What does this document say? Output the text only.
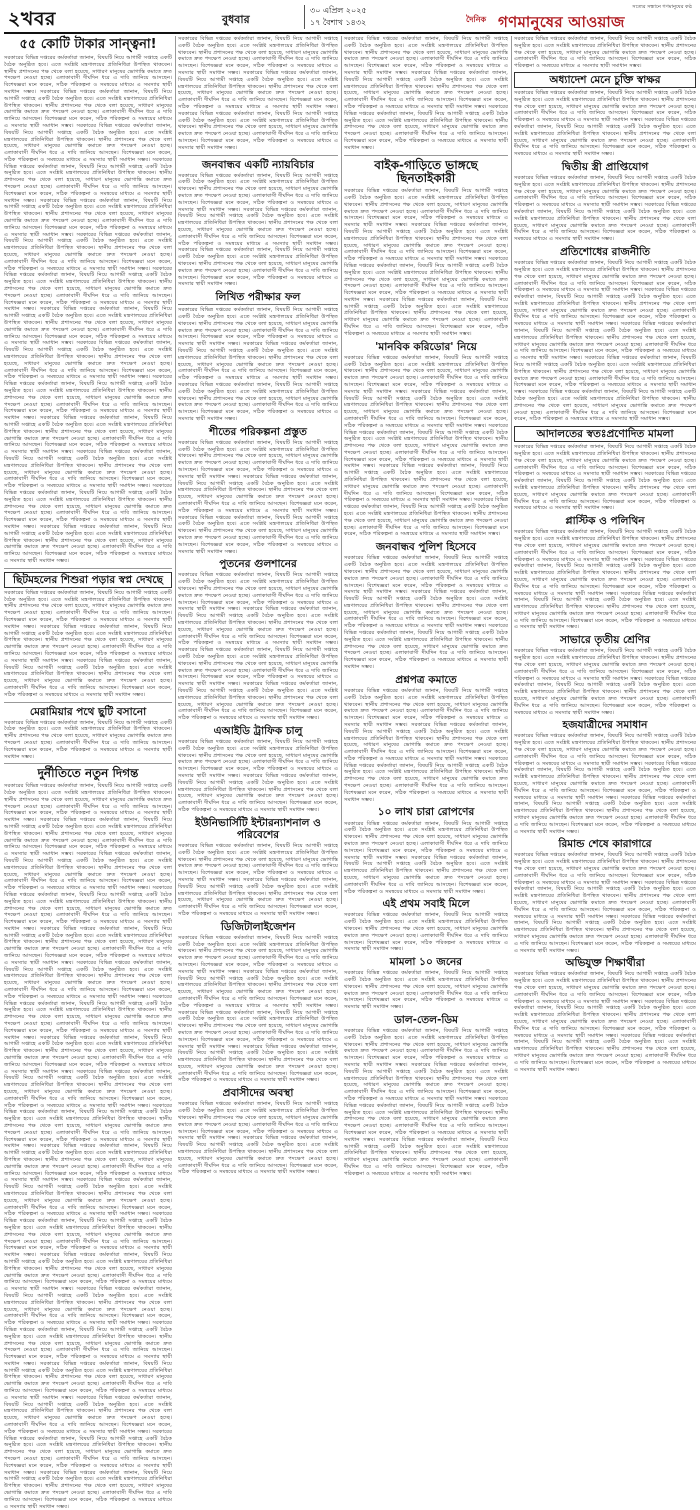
২খবর	বুধবার
৩০ এপ্রিল ২০২৫
১৭ বৈশাখ ১৪৩২	দৈনিক গণমানুষের আওয়াজ
সত্যের সন্ধানে গণমানুষের কণ্ঠ
৫৫ কোটি টাকার সান্ত্বনা!
সরকারের বিভিন্ন দপ্তরের কর্মকর্তারা জানান, বিষয়টি নিয়ে আগামী সপ্তাহে একটি বৈঠক অনুষ্ঠিত হবে। এতে সংশ্লিষ্ট মন্ত্রণালয়ের প্রতিনিধিরা উপস্থিত থাকবেন। স্থানীয় প্রশাসনের পক্ষ থেকে বলা হয়েছে, সাধারণ মানুষের ভোগান্তি কমাতে দ্রুত পদক্ষেপ নেওয়া হচ্ছে। এলাকাবাসী দীর্ঘদিন ধরে এ দাবি জানিয়ে আসছেন। বিশেষজ্ঞরা মনে করেন, সঠিক পরিকল্পনা ও সমন্বয়ের মাধ্যমে এ সমস্যার স্থায়ী সমাধান সম্ভব। সরকারের বিভিন্ন দপ্তরের কর্মকর্তারা জানান, বিষয়টি নিয়ে আগামী সপ্তাহে একটি বৈঠক অনুষ্ঠিত হবে। এতে সংশ্লিষ্ট মন্ত্রণালয়ের প্রতিনিধিরা উপস্থিত থাকবেন। স্থানীয় প্রশাসনের পক্ষ থেকে বলা হয়েছে, সাধারণ মানুষের ভোগান্তি কমাতে দ্রুত পদক্ষেপ নেওয়া হচ্ছে। এলাকাবাসী দীর্ঘদিন ধরে এ দাবি জানিয়ে আসছেন। বিশেষজ্ঞরা মনে করেন, সঠিক পরিকল্পনা ও সমন্বয়ের মাধ্যমে এ সমস্যার স্থায়ী সমাধান সম্ভব। সরকারের বিভিন্ন দপ্তরের কর্মকর্তারা জানান, বিষয়টি নিয়ে আগামী সপ্তাহে একটি বৈঠক অনুষ্ঠিত হবে। এতে সংশ্লিষ্ট মন্ত্রণালয়ের প্রতিনিধিরা উপস্থিত থাকবেন। স্থানীয় প্রশাসনের পক্ষ থেকে বলা হয়েছে, সাধারণ মানুষের ভোগান্তি কমাতে দ্রুত পদক্ষেপ নেওয়া হচ্ছে। এলাকাবাসী দীর্ঘদিন ধরে এ দাবি জানিয়ে আসছেন। বিশেষজ্ঞরা মনে করেন, সঠিক পরিকল্পনা ও সমন্বয়ের মাধ্যমে এ সমস্যার স্থায়ী সমাধান সম্ভব। সরকারের বিভিন্ন দপ্তরের কর্মকর্তারা জানান, বিষয়টি নিয়ে আগামী সপ্তাহে একটি বৈঠক অনুষ্ঠিত হবে। এতে সংশ্লিষ্ট মন্ত্রণালয়ের প্রতিনিধিরা উপস্থিত থাকবেন। স্থানীয় প্রশাসনের পক্ষ থেকে বলা হয়েছে, সাধারণ মানুষের ভোগান্তি কমাতে দ্রুত পদক্ষেপ নেওয়া হচ্ছে। এলাকাবাসী দীর্ঘদিন ধরে এ দাবি জানিয়ে আসছেন। বিশেষজ্ঞরা মনে করেন, সঠিক পরিকল্পনা ও সমন্বয়ের মাধ্যমে এ সমস্যার স্থায়ী সমাধান সম্ভব। সরকারের বিভিন্ন দপ্তরের কর্মকর্তারা জানান, বিষয়টি নিয়ে আগামী সপ্তাহে একটি বৈঠক অনুষ্ঠিত হবে। এতে সংশ্লিষ্ট মন্ত্রণালয়ের প্রতিনিধিরা উপস্থিত থাকবেন। স্থানীয় প্রশাসনের পক্ষ থেকে বলা হয়েছে, সাধারণ মানুষের ভোগান্তি কমাতে দ্রুত পদক্ষেপ নেওয়া হচ্ছে। এলাকাবাসী দীর্ঘদিন ধরে এ দাবি জানিয়ে আসছেন। বিশেষজ্ঞরা মনে করেন, সঠিক পরিকল্পনা ও সমন্বয়ের মাধ্যমে এ সমস্যার স্থায়ী সমাধান সম্ভব। সরকারের বিভিন্ন দপ্তরের কর্মকর্তারা জানান, বিষয়টি নিয়ে আগামী সপ্তাহে একটি বৈঠক অনুষ্ঠিত হবে। এতে সংশ্লিষ্ট মন্ত্রণালয়ের প্রতিনিধিরা উপস্থিত থাকবেন। স্থানীয় প্রশাসনের পক্ষ থেকে বলা হয়েছে, সাধারণ মানুষের ভোগান্তি কমাতে দ্রুত পদক্ষেপ নেওয়া হচ্ছে। এলাকাবাসী দীর্ঘদিন ধরে এ দাবি জানিয়ে আসছেন। বিশেষজ্ঞরা মনে করেন, সঠিক পরিকল্পনা ও সমন্বয়ের মাধ্যমে এ সমস্যার স্থায়ী সমাধান সম্ভব। সরকারের বিভিন্ন দপ্তরের কর্মকর্তারা জানান, বিষয়টি নিয়ে আগামী সপ্তাহে একটি বৈঠক অনুষ্ঠিত হবে। এতে সংশ্লিষ্ট মন্ত্রণালয়ের প্রতিনিধিরা উপস্থিত থাকবেন। স্থানীয় প্রশাসনের পক্ষ থেকে বলা হয়েছে, সাধারণ মানুষের ভোগান্তি কমাতে দ্রুত পদক্ষেপ নেওয়া হচ্ছে। এলাকাবাসী দীর্ঘদিন ধরে এ দাবি জানিয়ে আসছেন। বিশেষজ্ঞরা মনে করেন, সঠিক পরিকল্পনা ও সমন্বয়ের মাধ্যমে এ সমস্যার স্থায়ী সমাধান সম্ভব। সরকারের বিভিন্ন দপ্তরের কর্মকর্তারা জানান, বিষয়টি নিয়ে আগামী সপ্তাহে একটি বৈঠক অনুষ্ঠিত হবে। এতে সংশ্লিষ্ট মন্ত্রণালয়ের প্রতিনিধিরা উপস্থিত থাকবেন। স্থানীয় প্রশাসনের পক্ষ থেকে বলা হয়েছে, সাধারণ মানুষের ভোগান্তি কমাতে দ্রুত পদক্ষেপ নেওয়া হচ্ছে। এলাকাবাসী দীর্ঘদিন ধরে এ দাবি জানিয়ে আসছেন। বিশেষজ্ঞরা মনে করেন, সঠিক পরিকল্পনা ও সমন্বয়ের মাধ্যমে এ সমস্যার স্থায়ী সমাধান সম্ভব। সরকারের বিভিন্ন দপ্তরের কর্মকর্তারা জানান, বিষয়টি নিয়ে আগামী সপ্তাহে একটি বৈঠক অনুষ্ঠিত হবে। এতে সংশ্লিষ্ট মন্ত্রণালয়ের প্রতিনিধিরা উপস্থিত থাকবেন। স্থানীয় প্রশাসনের পক্ষ থেকে বলা হয়েছে, সাধারণ মানুষের ভোগান্তি কমাতে দ্রুত পদক্ষেপ নেওয়া হচ্ছে। এলাকাবাসী দীর্ঘদিন ধরে এ দাবি জানিয়ে আসছেন। বিশেষজ্ঞরা মনে করেন, সঠিক পরিকল্পনা ও সমন্বয়ের মাধ্যমে এ সমস্যার স্থায়ী সমাধান সম্ভব। সরকারের বিভিন্ন দপ্তরের কর্মকর্তারা জানান, বিষয়টি নিয়ে আগামী সপ্তাহে একটি বৈঠক অনুষ্ঠিত হবে। এতে সংশ্লিষ্ট মন্ত্রণালয়ের প্রতিনিধিরা উপস্থিত থাকবেন। স্থানীয় প্রশাসনের পক্ষ থেকে বলা হয়েছে, সাধারণ মানুষের ভোগান্তি কমাতে দ্রুত পদক্ষেপ নেওয়া হচ্ছে। এলাকাবাসী দীর্ঘদিন ধরে এ দাবি জানিয়ে আসছেন। বিশেষজ্ঞরা মনে করেন, সঠিক পরিকল্পনা ও সমন্বয়ের মাধ্যমে এ সমস্যার স্থায়ী সমাধান সম্ভব। সরকারের বিভিন্ন দপ্তরের কর্মকর্তারা জানান, বিষয়টি নিয়ে আগামী সপ্তাহে একটি বৈঠক অনুষ্ঠিত হবে। এতে সংশ্লিষ্ট মন্ত্রণালয়ের প্রতিনিধিরা উপস্থিত থাকবেন। স্থানীয় প্রশাসনের পক্ষ থেকে বলা হয়েছে, সাধারণ মানুষের ভোগান্তি কমাতে দ্রুত পদক্ষেপ নেওয়া হচ্ছে। এলাকাবাসী দীর্ঘদিন ধরে এ দাবি জানিয়ে আসছেন। বিশেষজ্ঞরা মনে করেন, সঠিক পরিকল্পনা ও সমন্বয়ের মাধ্যমে এ সমস্যার স্থায়ী সমাধান সম্ভব। সরকারের বিভিন্ন দপ্তরের কর্মকর্তারা জানান, বিষয়টি নিয়ে আগামী সপ্তাহে একটি বৈঠক অনুষ্ঠিত হবে। এতে সংশ্লিষ্ট মন্ত্রণালয়ের প্রতিনিধিরা উপস্থিত থাকবেন। স্থানীয় প্রশাসনের পক্ষ থেকে বলা হয়েছে, সাধারণ মানুষের ভোগান্তি কমাতে দ্রুত পদক্ষেপ নেওয়া হচ্ছে। এলাকাবাসী দীর্ঘদিন ধরে এ দাবি জানিয়ে আসছেন। বিশেষজ্ঞরা মনে করেন, সঠিক পরিকল্পনা ও সমন্বয়ের মাধ্যমে এ সমস্যার স্থায়ী সমাধান সম্ভব। সরকারের বিভিন্ন দপ্তরের কর্মকর্তারা জানান, বিষয়টি নিয়ে আগামী সপ্তাহে একটি বৈঠক অনুষ্ঠিত হবে। এতে সংশ্লিষ্ট মন্ত্রণালয়ের প্রতিনিধিরা উপস্থিত থাকবেন। স্থানীয় প্রশাসনের পক্ষ থেকে বলা হয়েছে, সাধারণ মানুষের ভোগান্তি কমাতে দ্রুত পদক্ষেপ নেওয়া হচ্ছে। এলাকাবাসী দীর্ঘদিন ধরে এ দাবি জানিয়ে আসছেন। বিশেষজ্ঞরা মনে করেন, সঠিক পরিকল্পনা ও সমন্বয়ের মাধ্যমে এ সমস্যার স্থায়ী সমাধান সম্ভব। সরকারের বিভিন্ন দপ্তরের কর্মকর্তারা জানান, বিষয়টি নিয়ে আগামী সপ্তাহে একটি বৈঠক অনুষ্ঠিত হবে। এতে সংশ্লিষ্ট মন্ত্রণালয়ের প্রতিনিধিরা উপস্থিত থাকবেন। স্থানীয় প্রশাসনের পক্ষ থেকে বলা হয়েছে, সাধারণ মানুষের ভোগান্তি কমাতে দ্রুত পদক্ষেপ নেওয়া হচ্ছে। এলাকাবাসী দীর্ঘদিন ধরে এ দাবি জানিয়ে আসছেন। বিশেষজ্ঞরা মনে করেন, সঠিক পরিকল্পনা ও সমন্বয়ের মাধ্যমে এ সমস্যার স্থায়ী সমাধান সম্ভব।
ছিটমহলের শিশুরা পড়ার স্বপ্ন দেখছে
সরকারের বিভিন্ন দপ্তরের কর্মকর্তারা জানান, বিষয়টি নিয়ে আগামী সপ্তাহে একটি বৈঠক অনুষ্ঠিত হবে। এতে সংশ্লিষ্ট মন্ত্রণালয়ের প্রতিনিধিরা উপস্থিত থাকবেন। স্থানীয় প্রশাসনের পক্ষ থেকে বলা হয়েছে, সাধারণ মানুষের ভোগান্তি কমাতে দ্রুত পদক্ষেপ নেওয়া হচ্ছে। এলাকাবাসী দীর্ঘদিন ধরে এ দাবি জানিয়ে আসছেন। বিশেষজ্ঞরা মনে করেন, সঠিক পরিকল্পনা ও সমন্বয়ের মাধ্যমে এ সমস্যার স্থায়ী সমাধান সম্ভব। সরকারের বিভিন্ন দপ্তরের কর্মকর্তারা জানান, বিষয়টি নিয়ে আগামী সপ্তাহে একটি বৈঠক অনুষ্ঠিত হবে। এতে সংশ্লিষ্ট মন্ত্রণালয়ের প্রতিনিধিরা উপস্থিত থাকবেন। স্থানীয় প্রশাসনের পক্ষ থেকে বলা হয়েছে, সাধারণ মানুষের ভোগান্তি কমাতে দ্রুত পদক্ষেপ নেওয়া হচ্ছে। এলাকাবাসী দীর্ঘদিন ধরে এ দাবি জানিয়ে আসছেন। বিশেষজ্ঞরা মনে করেন, সঠিক পরিকল্পনা ও সমন্বয়ের মাধ্যমে এ সমস্যার স্থায়ী সমাধান সম্ভব। সরকারের বিভিন্ন দপ্তরের কর্মকর্তারা জানান, বিষয়টি নিয়ে আগামী সপ্তাহে একটি বৈঠক অনুষ্ঠিত হবে। এতে সংশ্লিষ্ট মন্ত্রণালয়ের প্রতিনিধিরা উপস্থিত থাকবেন। স্থানীয় প্রশাসনের পক্ষ থেকে বলা হয়েছে, সাধারণ মানুষের ভোগান্তি কমাতে দ্রুত পদক্ষেপ নেওয়া হচ্ছে। এলাকাবাসী দীর্ঘদিন ধরে এ দাবি জানিয়ে আসছেন। বিশেষজ্ঞরা মনে করেন, সঠিক পরিকল্পনা ও সমন্বয়ের মাধ্যমে এ সমস্যার স্থায়ী সমাধান সম্ভব।
মেরামিয়ার পথে ছুটি বসানো
সরকারের বিভিন্ন দপ্তরের কর্মকর্তারা জানান, বিষয়টি নিয়ে আগামী সপ্তাহে একটি বৈঠক অনুষ্ঠিত হবে। এতে সংশ্লিষ্ট মন্ত্রণালয়ের প্রতিনিধিরা উপস্থিত থাকবেন। স্থানীয় প্রশাসনের পক্ষ থেকে বলা হয়েছে, সাধারণ মানুষের ভোগান্তি কমাতে দ্রুত পদক্ষেপ নেওয়া হচ্ছে। এলাকাবাসী দীর্ঘদিন ধরে এ দাবি জানিয়ে আসছেন। বিশেষজ্ঞরা মনে করেন, সঠিক পরিকল্পনা ও সমন্বয়ের মাধ্যমে এ সমস্যার স্থায়ী সমাধান সম্ভব।
দুর্নীতিতে নতুন দিগন্ত
সরকারের বিভিন্ন দপ্তরের কর্মকর্তারা জানান, বিষয়টি নিয়ে আগামী সপ্তাহে একটি বৈঠক অনুষ্ঠিত হবে। এতে সংশ্লিষ্ট মন্ত্রণালয়ের প্রতিনিধিরা উপস্থিত থাকবেন। স্থানীয় প্রশাসনের পক্ষ থেকে বলা হয়েছে, সাধারণ মানুষের ভোগান্তি কমাতে দ্রুত পদক্ষেপ নেওয়া হচ্ছে। এলাকাবাসী দীর্ঘদিন ধরে এ দাবি জানিয়ে আসছেন। বিশেষজ্ঞরা মনে করেন, সঠিক পরিকল্পনা ও সমন্বয়ের মাধ্যমে এ সমস্যার স্থায়ী সমাধান সম্ভব। সরকারের বিভিন্ন দপ্তরের কর্মকর্তারা জানান, বিষয়টি নিয়ে আগামী সপ্তাহে একটি বৈঠক অনুষ্ঠিত হবে। এতে সংশ্লিষ্ট মন্ত্রণালয়ের প্রতিনিধিরা উপস্থিত থাকবেন। স্থানীয় প্রশাসনের পক্ষ থেকে বলা হয়েছে, সাধারণ মানুষের ভোগান্তি কমাতে দ্রুত পদক্ষেপ নেওয়া হচ্ছে। এলাকাবাসী দীর্ঘদিন ধরে এ দাবি জানিয়ে আসছেন। বিশেষজ্ঞরা মনে করেন, সঠিক পরিকল্পনা ও সমন্বয়ের মাধ্যমে এ সমস্যার স্থায়ী সমাধান সম্ভব। সরকারের বিভিন্ন দপ্তরের কর্মকর্তারা জানান, বিষয়টি নিয়ে আগামী সপ্তাহে একটি বৈঠক অনুষ্ঠিত হবে। এতে সংশ্লিষ্ট মন্ত্রণালয়ের প্রতিনিধিরা উপস্থিত থাকবেন। স্থানীয় প্রশাসনের পক্ষ থেকে বলা হয়েছে, সাধারণ মানুষের ভোগান্তি কমাতে দ্রুত পদক্ষেপ নেওয়া হচ্ছে। এলাকাবাসী দীর্ঘদিন ধরে এ দাবি জানিয়ে আসছেন। বিশেষজ্ঞরা মনে করেন, সঠিক পরিকল্পনা ও সমন্বয়ের মাধ্যমে এ সমস্যার স্থায়ী সমাধান সম্ভব। সরকারের বিভিন্ন দপ্তরের কর্মকর্তারা জানান, বিষয়টি নিয়ে আগামী সপ্তাহে একটি বৈঠক অনুষ্ঠিত হবে। এতে সংশ্লিষ্ট মন্ত্রণালয়ের প্রতিনিধিরা উপস্থিত থাকবেন। স্থানীয় প্রশাসনের পক্ষ থেকে বলা হয়েছে, সাধারণ মানুষের ভোগান্তি কমাতে দ্রুত পদক্ষেপ নেওয়া হচ্ছে। এলাকাবাসী দীর্ঘদিন ধরে এ দাবি জানিয়ে আসছেন। বিশেষজ্ঞরা মনে করেন, সঠিক পরিকল্পনা ও সমন্বয়ের মাধ্যমে এ সমস্যার স্থায়ী সমাধান সম্ভব। সরকারের বিভিন্ন দপ্তরের কর্মকর্তারা জানান, বিষয়টি নিয়ে আগামী সপ্তাহে একটি বৈঠক অনুষ্ঠিত হবে। এতে সংশ্লিষ্ট মন্ত্রণালয়ের প্রতিনিধিরা উপস্থিত থাকবেন। স্থানীয় প্রশাসনের পক্ষ থেকে বলা হয়েছে, সাধারণ মানুষের ভোগান্তি কমাতে দ্রুত পদক্ষেপ নেওয়া হচ্ছে। এলাকাবাসী দীর্ঘদিন ধরে এ দাবি জানিয়ে আসছেন। বিশেষজ্ঞরা মনে করেন, সঠিক পরিকল্পনা ও সমন্বয়ের মাধ্যমে এ সমস্যার স্থায়ী সমাধান সম্ভব। সরকারের বিভিন্ন দপ্তরের কর্মকর্তারা জানান, বিষয়টি নিয়ে আগামী সপ্তাহে একটি বৈঠক অনুষ্ঠিত হবে। এতে সংশ্লিষ্ট মন্ত্রণালয়ের প্রতিনিধিরা উপস্থিত থাকবেন। স্থানীয় প্রশাসনের পক্ষ থেকে বলা হয়েছে, সাধারণ মানুষের ভোগান্তি কমাতে দ্রুত পদক্ষেপ নেওয়া হচ্ছে। এলাকাবাসী দীর্ঘদিন ধরে এ দাবি জানিয়ে আসছেন। বিশেষজ্ঞরা মনে করেন, সঠিক পরিকল্পনা ও সমন্বয়ের মাধ্যমে এ সমস্যার স্থায়ী সমাধান সম্ভব। সরকারের বিভিন্ন দপ্তরের কর্মকর্তারা জানান, বিষয়টি নিয়ে আগামী সপ্তাহে একটি বৈঠক অনুষ্ঠিত হবে। এতে সংশ্লিষ্ট মন্ত্রণালয়ের প্রতিনিধিরা উপস্থিত থাকবেন। স্থানীয় প্রশাসনের পক্ষ থেকে বলা হয়েছে, সাধারণ মানুষের ভোগান্তি কমাতে দ্রুত পদক্ষেপ নেওয়া হচ্ছে। এলাকাবাসী দীর্ঘদিন ধরে এ দাবি জানিয়ে আসছেন। বিশেষজ্ঞরা মনে করেন, সঠিক পরিকল্পনা ও সমন্বয়ের মাধ্যমে এ সমস্যার স্থায়ী সমাধান সম্ভব। সরকারের বিভিন্ন দপ্তরের কর্মকর্তারা জানান, বিষয়টি নিয়ে আগামী সপ্তাহে একটি বৈঠক অনুষ্ঠিত হবে। এতে সংশ্লিষ্ট মন্ত্রণালয়ের প্রতিনিধিরা উপস্থিত থাকবেন। স্থানীয় প্রশাসনের পক্ষ থেকে বলা হয়েছে, সাধারণ মানুষের ভোগান্তি কমাতে দ্রুত পদক্ষেপ নেওয়া হচ্ছে। এলাকাবাসী দীর্ঘদিন ধরে এ দাবি জানিয়ে আসছেন। বিশেষজ্ঞরা মনে করেন, সঠিক পরিকল্পনা ও সমন্বয়ের মাধ্যমে এ সমস্যার স্থায়ী সমাধান সম্ভব। সরকারের বিভিন্ন দপ্তরের কর্মকর্তারা জানান, বিষয়টি নিয়ে আগামী সপ্তাহে একটি বৈঠক অনুষ্ঠিত হবে। এতে সংশ্লিষ্ট মন্ত্রণালয়ের প্রতিনিধিরা উপস্থিত থাকবেন। স্থানীয় প্রশাসনের পক্ষ থেকে বলা হয়েছে, সাধারণ মানুষের ভোগান্তি কমাতে দ্রুত পদক্ষেপ নেওয়া হচ্ছে। এলাকাবাসী দীর্ঘদিন ধরে এ দাবি জানিয়ে আসছেন। বিশেষজ্ঞরা মনে করেন, সঠিক পরিকল্পনা ও সমন্বয়ের মাধ্যমে এ সমস্যার স্থায়ী সমাধান সম্ভব। সরকারের বিভিন্ন দপ্তরের কর্মকর্তারা জানান, বিষয়টি নিয়ে আগামী সপ্তাহে একটি বৈঠক অনুষ্ঠিত হবে। এতে সংশ্লিষ্ট মন্ত্রণালয়ের প্রতিনিধিরা উপস্থিত থাকবেন। স্থানীয় প্রশাসনের পক্ষ থেকে বলা হয়েছে, সাধারণ মানুষের ভোগান্তি কমাতে দ্রুত পদক্ষেপ নেওয়া হচ্ছে। এলাকাবাসী দীর্ঘদিন ধরে এ দাবি জানিয়ে আসছেন। বিশেষজ্ঞরা মনে করেন, সঠিক পরিকল্পনা ও সমন্বয়ের মাধ্যমে এ সমস্যার স্থায়ী সমাধান সম্ভব। সরকারের বিভিন্ন দপ্তরের কর্মকর্তারা জানান, বিষয়টি নিয়ে আগামী সপ্তাহে একটি বৈঠক অনুষ্ঠিত হবে। এতে সংশ্লিষ্ট মন্ত্রণালয়ের প্রতিনিধিরা উপস্থিত থাকবেন। স্থানীয় প্রশাসনের পক্ষ থেকে বলা হয়েছে, সাধারণ মানুষের ভোগান্তি কমাতে দ্রুত পদক্ষেপ নেওয়া হচ্ছে। এলাকাবাসী দীর্ঘদিন ধরে এ দাবি জানিয়ে আসছেন। বিশেষজ্ঞরা মনে করেন, সঠিক পরিকল্পনা ও সমন্বয়ের মাধ্যমে এ সমস্যার স্থায়ী সমাধান সম্ভব। সরকারের বিভিন্ন দপ্তরের কর্মকর্তারা জানান, বিষয়টি নিয়ে আগামী সপ্তাহে একটি বৈঠক অনুষ্ঠিত হবে। এতে সংশ্লিষ্ট মন্ত্রণালয়ের প্রতিনিধিরা উপস্থিত থাকবেন। স্থানীয় প্রশাসনের পক্ষ থেকে বলা হয়েছে, সাধারণ মানুষের ভোগান্তি কমাতে দ্রুত পদক্ষেপ নেওয়া হচ্ছে। এলাকাবাসী দীর্ঘদিন ধরে এ দাবি জানিয়ে আসছেন। বিশেষজ্ঞরা মনে করেন, সঠিক পরিকল্পনা ও সমন্বয়ের মাধ্যমে এ সমস্যার স্থায়ী সমাধান সম্ভব। সরকারের বিভিন্ন দপ্তরের কর্মকর্তারা জানান, বিষয়টি নিয়ে আগামী সপ্তাহে একটি বৈঠক অনুষ্ঠিত হবে। এতে সংশ্লিষ্ট মন্ত্রণালয়ের প্রতিনিধিরা উপস্থিত থাকবেন। স্থানীয় প্রশাসনের পক্ষ থেকে বলা হয়েছে, সাধারণ মানুষের ভোগান্তি কমাতে দ্রুত পদক্ষেপ নেওয়া হচ্ছে। এলাকাবাসী দীর্ঘদিন ধরে এ দাবি জানিয়ে আসছেন। বিশেষজ্ঞরা মনে করেন, সঠিক পরিকল্পনা ও সমন্বয়ের মাধ্যমে এ সমস্যার স্থায়ী সমাধান সম্ভব। সরকারের বিভিন্ন দপ্তরের কর্মকর্তারা জানান, বিষয়টি নিয়ে আগামী সপ্তাহে একটি বৈঠক অনুষ্ঠিত হবে। এতে সংশ্লিষ্ট মন্ত্রণালয়ের প্রতিনিধিরা উপস্থিত থাকবেন। স্থানীয় প্রশাসনের পক্ষ থেকে বলা হয়েছে, সাধারণ মানুষের ভোগান্তি কমাতে দ্রুত পদক্ষেপ নেওয়া হচ্ছে। এলাকাবাসী দীর্ঘদিন ধরে এ দাবি জানিয়ে আসছেন। বিশেষজ্ঞরা মনে করেন, সঠিক পরিকল্পনা ও সমন্বয়ের মাধ্যমে এ সমস্যার স্থায়ী সমাধান সম্ভব। সরকারের বিভিন্ন দপ্তরের কর্মকর্তারা জানান, বিষয়টি নিয়ে আগামী সপ্তাহে একটি বৈঠক অনুষ্ঠিত হবে। এতে সংশ্লিষ্ট মন্ত্রণালয়ের প্রতিনিধিরা উপস্থিত থাকবেন। স্থানীয় প্রশাসনের পক্ষ থেকে বলা হয়েছে, সাধারণ মানুষের ভোগান্তি কমাতে দ্রুত পদক্ষেপ নেওয়া হচ্ছে। এলাকাবাসী দীর্ঘদিন ধরে এ দাবি জানিয়ে আসছেন। বিশেষজ্ঞরা মনে করেন, সঠিক পরিকল্পনা ও সমন্বয়ের মাধ্যমে এ সমস্যার স্থায়ী সমাধান সম্ভব। সরকারের বিভিন্ন দপ্তরের কর্মকর্তারা জানান, বিষয়টি নিয়ে আগামী সপ্তাহে একটি বৈঠক অনুষ্ঠিত হবে। এতে সংশ্লিষ্ট মন্ত্রণালয়ের প্রতিনিধিরা উপস্থিত থাকবেন। স্থানীয় প্রশাসনের পক্ষ থেকে বলা হয়েছে, সাধারণ মানুষের ভোগান্তি কমাতে দ্রুত পদক্ষেপ নেওয়া হচ্ছে। এলাকাবাসী দীর্ঘদিন ধরে এ দাবি জানিয়ে আসছেন। বিশেষজ্ঞরা মনে করেন, সঠিক পরিকল্পনা ও সমন্বয়ের মাধ্যমে এ সমস্যার স্থায়ী সমাধান সম্ভব। সরকারের বিভিন্ন দপ্তরের কর্মকর্তারা জানান, বিষয়টি নিয়ে আগামী সপ্তাহে একটি বৈঠক অনুষ্ঠিত হবে। এতে সংশ্লিষ্ট মন্ত্রণালয়ের প্রতিনিধিরা উপস্থিত থাকবেন। স্থানীয় প্রশাসনের পক্ষ থেকে বলা হয়েছে, সাধারণ মানুষের ভোগান্তি কমাতে দ্রুত পদক্ষেপ নেওয়া হচ্ছে। এলাকাবাসী দীর্ঘদিন ধরে এ দাবি জানিয়ে আসছেন। বিশেষজ্ঞরা মনে করেন, সঠিক পরিকল্পনা ও সমন্বয়ের মাধ্যমে এ সমস্যার স্থায়ী সমাধান সম্ভব। সরকারের বিভিন্ন দপ্তরের কর্মকর্তারা জানান, বিষয়টি নিয়ে আগামী সপ্তাহে একটি বৈঠক অনুষ্ঠিত হবে। এতে সংশ্লিষ্ট মন্ত্রণালয়ের প্রতিনিধিরা উপস্থিত থাকবেন। স্থানীয় প্রশাসনের পক্ষ থেকে বলা হয়েছে, সাধারণ মানুষের ভোগান্তি কমাতে দ্রুত পদক্ষেপ নেওয়া হচ্ছে। এলাকাবাসী দীর্ঘদিন ধরে এ দাবি জানিয়ে আসছেন। বিশেষজ্ঞরা মনে করেন, সঠিক পরিকল্পনা ও সমন্বয়ের মাধ্যমে এ সমস্যার স্থায়ী সমাধান সম্ভব। সরকারের বিভিন্ন দপ্তরের কর্মকর্তারা জানান, বিষয়টি নিয়ে আগামী সপ্তাহে একটি বৈঠক অনুষ্ঠিত হবে। এতে সংশ্লিষ্ট মন্ত্রণালয়ের প্রতিনিধিরা উপস্থিত থাকবেন। স্থানীয় প্রশাসনের পক্ষ থেকে বলা হয়েছে, সাধারণ মানুষের ভোগান্তি কমাতে দ্রুত পদক্ষেপ নেওয়া হচ্ছে। এলাকাবাসী দীর্ঘদিন ধরে এ দাবি জানিয়ে আসছেন। বিশেষজ্ঞরা মনে করেন, সঠিক পরিকল্পনা ও সমন্বয়ের মাধ্যমে এ সমস্যার স্থায়ী সমাধান সম্ভব। সরকারের বিভিন্ন দপ্তরের কর্মকর্তারা জানান, বিষয়টি নিয়ে আগামী সপ্তাহে একটি বৈঠক অনুষ্ঠিত হবে। এতে সংশ্লিষ্ট মন্ত্রণালয়ের প্রতিনিধিরা উপস্থিত থাকবেন। স্থানীয় প্রশাসনের পক্ষ থেকে বলা হয়েছে, সাধারণ মানুষের ভোগান্তি কমাতে দ্রুত পদক্ষেপ নেওয়া হচ্ছে। এলাকাবাসী দীর্ঘদিন ধরে এ দাবি জানিয়ে আসছেন। বিশেষজ্ঞরা মনে করেন, সঠিক পরিকল্পনা ও সমন্বয়ের মাধ্যমে এ সমস্যার স্থায়ী সমাধান সম্ভব।
সরকারের বিভিন্ন দপ্তরের কর্মকর্তারা জানান, বিষয়টি নিয়ে আগামী সপ্তাহে একটি বৈঠক অনুষ্ঠিত হবে। এতে সংশ্লিষ্ট মন্ত্রণালয়ের প্রতিনিধিরা উপস্থিত থাকবেন। স্থানীয় প্রশাসনের পক্ষ থেকে বলা হয়েছে, সাধারণ মানুষের ভোগান্তি কমাতে দ্রুত পদক্ষেপ নেওয়া হচ্ছে। এলাকাবাসী দীর্ঘদিন ধরে এ দাবি জানিয়ে আসছেন। বিশেষজ্ঞরা মনে করেন, সঠিক পরিকল্পনা ও সমন্বয়ের মাধ্যমে এ সমস্যার স্থায়ী সমাধান সম্ভব। সরকারের বিভিন্ন দপ্তরের কর্মকর্তারা জানান, বিষয়টি নিয়ে আগামী সপ্তাহে একটি বৈঠক অনুষ্ঠিত হবে। এতে সংশ্লিষ্ট মন্ত্রণালয়ের প্রতিনিধিরা উপস্থিত থাকবেন। স্থানীয় প্রশাসনের পক্ষ থেকে বলা হয়েছে, সাধারণ মানুষের ভোগান্তি কমাতে দ্রুত পদক্ষেপ নেওয়া হচ্ছে। এলাকাবাসী দীর্ঘদিন ধরে এ দাবি জানিয়ে আসছেন। বিশেষজ্ঞরা মনে করেন, সঠিক পরিকল্পনা ও সমন্বয়ের মাধ্যমে এ সমস্যার স্থায়ী সমাধান সম্ভব। সরকারের বিভিন্ন দপ্তরের কর্মকর্তারা জানান, বিষয়টি নিয়ে আগামী সপ্তাহে একটি বৈঠক অনুষ্ঠিত হবে। এতে সংশ্লিষ্ট মন্ত্রণালয়ের প্রতিনিধিরা উপস্থিত থাকবেন। স্থানীয় প্রশাসনের পক্ষ থেকে বলা হয়েছে, সাধারণ মানুষের ভোগান্তি কমাতে দ্রুত পদক্ষেপ নেওয়া হচ্ছে। এলাকাবাসী দীর্ঘদিন ধরে এ দাবি জানিয়ে আসছেন। বিশেষজ্ঞরা মনে করেন, সঠিক পরিকল্পনা ও সমন্বয়ের মাধ্যমে এ সমস্যার স্থায়ী সমাধান সম্ভব।
জনবান্ধব একটি ন্যায়বিচার
সরকারের বিভিন্ন দপ্তরের কর্মকর্তারা জানান, বিষয়টি নিয়ে আগামী সপ্তাহে একটি বৈঠক অনুষ্ঠিত হবে। এতে সংশ্লিষ্ট মন্ত্রণালয়ের প্রতিনিধিরা উপস্থিত থাকবেন। স্থানীয় প্রশাসনের পক্ষ থেকে বলা হয়েছে, সাধারণ মানুষের ভোগান্তি কমাতে দ্রুত পদক্ষেপ নেওয়া হচ্ছে। এলাকাবাসী দীর্ঘদিন ধরে এ দাবি জানিয়ে আসছেন। বিশেষজ্ঞরা মনে করেন, সঠিক পরিকল্পনা ও সমন্বয়ের মাধ্যমে এ সমস্যার স্থায়ী সমাধান সম্ভব। সরকারের বিভিন্ন দপ্তরের কর্মকর্তারা জানান, বিষয়টি নিয়ে আগামী সপ্তাহে একটি বৈঠক অনুষ্ঠিত হবে। এতে সংশ্লিষ্ট মন্ত্রণালয়ের প্রতিনিধিরা উপস্থিত থাকবেন। স্থানীয় প্রশাসনের পক্ষ থেকে বলা হয়েছে, সাধারণ মানুষের ভোগান্তি কমাতে দ্রুত পদক্ষেপ নেওয়া হচ্ছে। এলাকাবাসী দীর্ঘদিন ধরে এ দাবি জানিয়ে আসছেন। বিশেষজ্ঞরা মনে করেন, সঠিক পরিকল্পনা ও সমন্বয়ের মাধ্যমে এ সমস্যার স্থায়ী সমাধান সম্ভব। সরকারের বিভিন্ন দপ্তরের কর্মকর্তারা জানান, বিষয়টি নিয়ে আগামী সপ্তাহে একটি বৈঠক অনুষ্ঠিত হবে। এতে সংশ্লিষ্ট মন্ত্রণালয়ের প্রতিনিধিরা উপস্থিত থাকবেন। স্থানীয় প্রশাসনের পক্ষ থেকে বলা হয়েছে, সাধারণ মানুষের ভোগান্তি কমাতে দ্রুত পদক্ষেপ নেওয়া হচ্ছে। এলাকাবাসী দীর্ঘদিন ধরে এ দাবি জানিয়ে আসছেন। বিশেষজ্ঞরা মনে করেন, সঠিক পরিকল্পনা ও সমন্বয়ের মাধ্যমে এ সমস্যার স্থায়ী সমাধান সম্ভব।
লিখিত পরীক্ষার ফল
সরকারের বিভিন্ন দপ্তরের কর্মকর্তারা জানান, বিষয়টি নিয়ে আগামী সপ্তাহে একটি বৈঠক অনুষ্ঠিত হবে। এতে সংশ্লিষ্ট মন্ত্রণালয়ের প্রতিনিধিরা উপস্থিত থাকবেন। স্থানীয় প্রশাসনের পক্ষ থেকে বলা হয়েছে, সাধারণ মানুষের ভোগান্তি কমাতে দ্রুত পদক্ষেপ নেওয়া হচ্ছে। এলাকাবাসী দীর্ঘদিন ধরে এ দাবি জানিয়ে আসছেন। বিশেষজ্ঞরা মনে করেন, সঠিক পরিকল্পনা ও সমন্বয়ের মাধ্যমে এ সমস্যার স্থায়ী সমাধান সম্ভব। সরকারের বিভিন্ন দপ্তরের কর্মকর্তারা জানান, বিষয়টি নিয়ে আগামী সপ্তাহে একটি বৈঠক অনুষ্ঠিত হবে। এতে সংশ্লিষ্ট মন্ত্রণালয়ের প্রতিনিধিরা উপস্থিত থাকবেন। স্থানীয় প্রশাসনের পক্ষ থেকে বলা হয়েছে, সাধারণ মানুষের ভোগান্তি কমাতে দ্রুত পদক্ষেপ নেওয়া হচ্ছে। এলাকাবাসী দীর্ঘদিন ধরে এ দাবি জানিয়ে আসছেন। বিশেষজ্ঞরা মনে করেন, সঠিক পরিকল্পনা ও সমন্বয়ের মাধ্যমে এ সমস্যার স্থায়ী সমাধান সম্ভব। সরকারের বিভিন্ন দপ্তরের কর্মকর্তারা জানান, বিষয়টি নিয়ে আগামী সপ্তাহে একটি বৈঠক অনুষ্ঠিত হবে। এতে সংশ্লিষ্ট মন্ত্রণালয়ের প্রতিনিধিরা উপস্থিত থাকবেন। স্থানীয় প্রশাসনের পক্ষ থেকে বলা হয়েছে, সাধারণ মানুষের ভোগান্তি কমাতে দ্রুত পদক্ষেপ নেওয়া হচ্ছে। এলাকাবাসী দীর্ঘদিন ধরে এ দাবি জানিয়ে আসছেন। বিশেষজ্ঞরা মনে করেন, সঠিক পরিকল্পনা ও সমন্বয়ের মাধ্যমে এ সমস্যার স্থায়ী সমাধান সম্ভব।
শীতের পরিকল্পনা প্রস্তুত
সরকারের বিভিন্ন দপ্তরের কর্মকর্তারা জানান, বিষয়টি নিয়ে আগামী সপ্তাহে একটি বৈঠক অনুষ্ঠিত হবে। এতে সংশ্লিষ্ট মন্ত্রণালয়ের প্রতিনিধিরা উপস্থিত থাকবেন। স্থানীয় প্রশাসনের পক্ষ থেকে বলা হয়েছে, সাধারণ মানুষের ভোগান্তি কমাতে দ্রুত পদক্ষেপ নেওয়া হচ্ছে। এলাকাবাসী দীর্ঘদিন ধরে এ দাবি জানিয়ে আসছেন। বিশেষজ্ঞরা মনে করেন, সঠিক পরিকল্পনা ও সমন্বয়ের মাধ্যমে এ সমস্যার স্থায়ী সমাধান সম্ভব। সরকারের বিভিন্ন দপ্তরের কর্মকর্তারা জানান, বিষয়টি নিয়ে আগামী সপ্তাহে একটি বৈঠক অনুষ্ঠিত হবে। এতে সংশ্লিষ্ট মন্ত্রণালয়ের প্রতিনিধিরা উপস্থিত থাকবেন। স্থানীয় প্রশাসনের পক্ষ থেকে বলা হয়েছে, সাধারণ মানুষের ভোগান্তি কমাতে দ্রুত পদক্ষেপ নেওয়া হচ্ছে। এলাকাবাসী দীর্ঘদিন ধরে এ দাবি জানিয়ে আসছেন। বিশেষজ্ঞরা মনে করেন, সঠিক পরিকল্পনা ও সমন্বয়ের মাধ্যমে এ সমস্যার স্থায়ী সমাধান সম্ভব। সরকারের বিভিন্ন দপ্তরের কর্মকর্তারা জানান, বিষয়টি নিয়ে আগামী সপ্তাহে একটি বৈঠক অনুষ্ঠিত হবে। এতে সংশ্লিষ্ট মন্ত্রণালয়ের প্রতিনিধিরা উপস্থিত থাকবেন। স্থানীয় প্রশাসনের পক্ষ থেকে বলা হয়েছে, সাধারণ মানুষের ভোগান্তি কমাতে দ্রুত পদক্ষেপ নেওয়া হচ্ছে। এলাকাবাসী দীর্ঘদিন ধরে এ দাবি জানিয়ে আসছেন। বিশেষজ্ঞরা মনে করেন, সঠিক পরিকল্পনা ও সমন্বয়ের মাধ্যমে এ সমস্যার স্থায়ী সমাধান সম্ভব।
পুতনের গুলশানের
সরকারের বিভিন্ন দপ্তরের কর্মকর্তারা জানান, বিষয়টি নিয়ে আগামী সপ্তাহে একটি বৈঠক অনুষ্ঠিত হবে। এতে সংশ্লিষ্ট মন্ত্রণালয়ের প্রতিনিধিরা উপস্থিত থাকবেন। স্থানীয় প্রশাসনের পক্ষ থেকে বলা হয়েছে, সাধারণ মানুষের ভোগান্তি কমাতে দ্রুত পদক্ষেপ নেওয়া হচ্ছে। এলাকাবাসী দীর্ঘদিন ধরে এ দাবি জানিয়ে আসছেন। বিশেষজ্ঞরা মনে করেন, সঠিক পরিকল্পনা ও সমন্বয়ের মাধ্যমে এ সমস্যার স্থায়ী সমাধান সম্ভব। সরকারের বিভিন্ন দপ্তরের কর্মকর্তারা জানান, বিষয়টি নিয়ে আগামী সপ্তাহে একটি বৈঠক অনুষ্ঠিত হবে। এতে সংশ্লিষ্ট মন্ত্রণালয়ের প্রতিনিধিরা উপস্থিত থাকবেন। স্থানীয় প্রশাসনের পক্ষ থেকে বলা হয়েছে, সাধারণ মানুষের ভোগান্তি কমাতে দ্রুত পদক্ষেপ নেওয়া হচ্ছে। এলাকাবাসী দীর্ঘদিন ধরে এ দাবি জানিয়ে আসছেন। বিশেষজ্ঞরা মনে করেন, সঠিক পরিকল্পনা ও সমন্বয়ের মাধ্যমে এ সমস্যার স্থায়ী সমাধান সম্ভব। সরকারের বিভিন্ন দপ্তরের কর্মকর্তারা জানান, বিষয়টি নিয়ে আগামী সপ্তাহে একটি বৈঠক অনুষ্ঠিত হবে। এতে সংশ্লিষ্ট মন্ত্রণালয়ের প্রতিনিধিরা উপস্থিত থাকবেন। স্থানীয় প্রশাসনের পক্ষ থেকে বলা হয়েছে, সাধারণ মানুষের ভোগান্তি কমাতে দ্রুত পদক্ষেপ নেওয়া হচ্ছে। এলাকাবাসী দীর্ঘদিন ধরে এ দাবি জানিয়ে আসছেন। বিশেষজ্ঞরা মনে করেন, সঠিক পরিকল্পনা ও সমন্বয়ের মাধ্যমে এ সমস্যার স্থায়ী সমাধান সম্ভব। সরকারের বিভিন্ন দপ্তরের কর্মকর্তারা জানান, বিষয়টি নিয়ে আগামী সপ্তাহে একটি বৈঠক অনুষ্ঠিত হবে। এতে সংশ্লিষ্ট মন্ত্রণালয়ের প্রতিনিধিরা উপস্থিত থাকবেন। স্থানীয় প্রশাসনের পক্ষ থেকে বলা হয়েছে, সাধারণ মানুষের ভোগান্তি কমাতে দ্রুত পদক্ষেপ নেওয়া হচ্ছে। এলাকাবাসী দীর্ঘদিন ধরে এ দাবি জানিয়ে আসছেন। বিশেষজ্ঞরা মনে করেন, সঠিক পরিকল্পনা ও সমন্বয়ের মাধ্যমে এ সমস্যার স্থায়ী সমাধান সম্ভব।
এআইডি ট্রাফিক চালু
সরকারের বিভিন্ন দপ্তরের কর্মকর্তারা জানান, বিষয়টি নিয়ে আগামী সপ্তাহে একটি বৈঠক অনুষ্ঠিত হবে। এতে সংশ্লিষ্ট মন্ত্রণালয়ের প্রতিনিধিরা উপস্থিত থাকবেন। স্থানীয় প্রশাসনের পক্ষ থেকে বলা হয়েছে, সাধারণ মানুষের ভোগান্তি কমাতে দ্রুত পদক্ষেপ নেওয়া হচ্ছে। এলাকাবাসী দীর্ঘদিন ধরে এ দাবি জানিয়ে আসছেন। বিশেষজ্ঞরা মনে করেন, সঠিক পরিকল্পনা ও সমন্বয়ের মাধ্যমে এ সমস্যার স্থায়ী সমাধান সম্ভব। সরকারের বিভিন্ন দপ্তরের কর্মকর্তারা জানান, বিষয়টি নিয়ে আগামী সপ্তাহে একটি বৈঠক অনুষ্ঠিত হবে। এতে সংশ্লিষ্ট মন্ত্রণালয়ের প্রতিনিধিরা উপস্থিত থাকবেন। স্থানীয় প্রশাসনের পক্ষ থেকে বলা হয়েছে, সাধারণ মানুষের ভোগান্তি কমাতে দ্রুত পদক্ষেপ নেওয়া হচ্ছে। এলাকাবাসী দীর্ঘদিন ধরে এ দাবি জানিয়ে আসছেন। বিশেষজ্ঞরা মনে করেন, সঠিক পরিকল্পনা ও সমন্বয়ের মাধ্যমে এ সমস্যার স্থায়ী সমাধান সম্ভব।
ইউনিভার্সিটি ইন্টারন্যাশনাল ও পরিবেশের
সরকারের বিভিন্ন দপ্তরের কর্মকর্তারা জানান, বিষয়টি নিয়ে আগামী সপ্তাহে একটি বৈঠক অনুষ্ঠিত হবে। এতে সংশ্লিষ্ট মন্ত্রণালয়ের প্রতিনিধিরা উপস্থিত থাকবেন। স্থানীয় প্রশাসনের পক্ষ থেকে বলা হয়েছে, সাধারণ মানুষের ভোগান্তি কমাতে দ্রুত পদক্ষেপ নেওয়া হচ্ছে। এলাকাবাসী দীর্ঘদিন ধরে এ দাবি জানিয়ে আসছেন। বিশেষজ্ঞরা মনে করেন, সঠিক পরিকল্পনা ও সমন্বয়ের মাধ্যমে এ সমস্যার স্থায়ী সমাধান সম্ভব। সরকারের বিভিন্ন দপ্তরের কর্মকর্তারা জানান, বিষয়টি নিয়ে আগামী সপ্তাহে একটি বৈঠক অনুষ্ঠিত হবে। এতে সংশ্লিষ্ট মন্ত্রণালয়ের প্রতিনিধিরা উপস্থিত থাকবেন। স্থানীয় প্রশাসনের পক্ষ থেকে বলা হয়েছে, সাধারণ মানুষের ভোগান্তি কমাতে দ্রুত পদক্ষেপ নেওয়া হচ্ছে। এলাকাবাসী দীর্ঘদিন ধরে এ দাবি জানিয়ে আসছেন। বিশেষজ্ঞরা মনে করেন, সঠিক পরিকল্পনা ও সমন্বয়ের মাধ্যমে এ সমস্যার স্থায়ী সমাধান সম্ভব।
ডিজিটালাইজেশন
সরকারের বিভিন্ন দপ্তরের কর্মকর্তারা জানান, বিষয়টি নিয়ে আগামী সপ্তাহে একটি বৈঠক অনুষ্ঠিত হবে। এতে সংশ্লিষ্ট মন্ত্রণালয়ের প্রতিনিধিরা উপস্থিত থাকবেন। স্থানীয় প্রশাসনের পক্ষ থেকে বলা হয়েছে, সাধারণ মানুষের ভোগান্তি কমাতে দ্রুত পদক্ষেপ নেওয়া হচ্ছে। এলাকাবাসী দীর্ঘদিন ধরে এ দাবি জানিয়ে আসছেন। বিশেষজ্ঞরা মনে করেন, সঠিক পরিকল্পনা ও সমন্বয়ের মাধ্যমে এ সমস্যার স্থায়ী সমাধান সম্ভব। সরকারের বিভিন্ন দপ্তরের কর্মকর্তারা জানান, বিষয়টি নিয়ে আগামী সপ্তাহে একটি বৈঠক অনুষ্ঠিত হবে। এতে সংশ্লিষ্ট মন্ত্রণালয়ের প্রতিনিধিরা উপস্থিত থাকবেন। স্থানীয় প্রশাসনের পক্ষ থেকে বলা হয়েছে, সাধারণ মানুষের ভোগান্তি কমাতে দ্রুত পদক্ষেপ নেওয়া হচ্ছে। এলাকাবাসী দীর্ঘদিন ধরে এ দাবি জানিয়ে আসছেন। বিশেষজ্ঞরা মনে করেন, সঠিক পরিকল্পনা ও সমন্বয়ের মাধ্যমে এ সমস্যার স্থায়ী সমাধান সম্ভব। সরকারের বিভিন্ন দপ্তরের কর্মকর্তারা জানান, বিষয়টি নিয়ে আগামী সপ্তাহে একটি বৈঠক অনুষ্ঠিত হবে। এতে সংশ্লিষ্ট মন্ত্রণালয়ের প্রতিনিধিরা উপস্থিত থাকবেন। স্থানীয় প্রশাসনের পক্ষ থেকে বলা হয়েছে, সাধারণ মানুষের ভোগান্তি কমাতে দ্রুত পদক্ষেপ নেওয়া হচ্ছে। এলাকাবাসী দীর্ঘদিন ধরে এ দাবি জানিয়ে আসছেন। বিশেষজ্ঞরা মনে করেন, সঠিক পরিকল্পনা ও সমন্বয়ের মাধ্যমে এ সমস্যার স্থায়ী সমাধান সম্ভব। সরকারের বিভিন্ন দপ্তরের কর্মকর্তারা জানান, বিষয়টি নিয়ে আগামী সপ্তাহে একটি বৈঠক অনুষ্ঠিত হবে। এতে সংশ্লিষ্ট মন্ত্রণালয়ের প্রতিনিধিরা উপস্থিত থাকবেন। স্থানীয় প্রশাসনের পক্ষ থেকে বলা হয়েছে, সাধারণ মানুষের ভোগান্তি কমাতে দ্রুত পদক্ষেপ নেওয়া হচ্ছে। এলাকাবাসী দীর্ঘদিন ধরে এ দাবি জানিয়ে আসছেন। বিশেষজ্ঞরা মনে করেন, সঠিক পরিকল্পনা ও সমন্বয়ের মাধ্যমে এ সমস্যার স্থায়ী সমাধান সম্ভব।
প্রবাসীদের অবস্থা
সরকারের বিভিন্ন দপ্তরের কর্মকর্তারা জানান, বিষয়টি নিয়ে আগামী সপ্তাহে একটি বৈঠক অনুষ্ঠিত হবে। এতে সংশ্লিষ্ট মন্ত্রণালয়ের প্রতিনিধিরা উপস্থিত থাকবেন। স্থানীয় প্রশাসনের পক্ষ থেকে বলা হয়েছে, সাধারণ মানুষের ভোগান্তি কমাতে দ্রুত পদক্ষেপ নেওয়া হচ্ছে। এলাকাবাসী দীর্ঘদিন ধরে এ দাবি জানিয়ে আসছেন। বিশেষজ্ঞরা মনে করেন, সঠিক পরিকল্পনা ও সমন্বয়ের মাধ্যমে এ সমস্যার স্থায়ী সমাধান সম্ভব। সরকারের বিভিন্ন দপ্তরের কর্মকর্তারা জানান, বিষয়টি নিয়ে আগামী সপ্তাহে একটি বৈঠক অনুষ্ঠিত হবে। এতে সংশ্লিষ্ট মন্ত্রণালয়ের প্রতিনিধিরা উপস্থিত থাকবেন। স্থানীয় প্রশাসনের পক্ষ থেকে বলা হয়েছে, সাধারণ মানুষের ভোগান্তি কমাতে দ্রুত পদক্ষেপ নেওয়া হচ্ছে। এলাকাবাসী দীর্ঘদিন ধরে এ দাবি জানিয়ে আসছেন। বিশেষজ্ঞরা মনে করেন, সঠিক পরিকল্পনা ও সমন্বয়ের মাধ্যমে এ সমস্যার স্থায়ী সমাধান সম্ভব।
সরকারের বিভিন্ন দপ্তরের কর্মকর্তারা জানান, বিষয়টি নিয়ে আগামী সপ্তাহে একটি বৈঠক অনুষ্ঠিত হবে। এতে সংশ্লিষ্ট মন্ত্রণালয়ের প্রতিনিধিরা উপস্থিত থাকবেন। স্থানীয় প্রশাসনের পক্ষ থেকে বলা হয়েছে, সাধারণ মানুষের ভোগান্তি কমাতে দ্রুত পদক্ষেপ নেওয়া হচ্ছে। এলাকাবাসী দীর্ঘদিন ধরে এ দাবি জানিয়ে আসছেন। বিশেষজ্ঞরা মনে করেন, সঠিক পরিকল্পনা ও সমন্বয়ের মাধ্যমে এ সমস্যার স্থায়ী সমাধান সম্ভব। সরকারের বিভিন্ন দপ্তরের কর্মকর্তারা জানান, বিষয়টি নিয়ে আগামী সপ্তাহে একটি বৈঠক অনুষ্ঠিত হবে। এতে সংশ্লিষ্ট মন্ত্রণালয়ের প্রতিনিধিরা উপস্থিত থাকবেন। স্থানীয় প্রশাসনের পক্ষ থেকে বলা হয়েছে, সাধারণ মানুষের ভোগান্তি কমাতে দ্রুত পদক্ষেপ নেওয়া হচ্ছে। এলাকাবাসী দীর্ঘদিন ধরে এ দাবি জানিয়ে আসছেন। বিশেষজ্ঞরা মনে করেন, সঠিক পরিকল্পনা ও সমন্বয়ের মাধ্যমে এ সমস্যার স্থায়ী সমাধান সম্ভব। সরকারের বিভিন্ন দপ্তরের কর্মকর্তারা জানান, বিষয়টি নিয়ে আগামী সপ্তাহে একটি বৈঠক অনুষ্ঠিত হবে। এতে সংশ্লিষ্ট মন্ত্রণালয়ের প্রতিনিধিরা উপস্থিত থাকবেন। স্থানীয় প্রশাসনের পক্ষ থেকে বলা হয়েছে, সাধারণ মানুষের ভোগান্তি কমাতে দ্রুত পদক্ষেপ নেওয়া হচ্ছে। এলাকাবাসী দীর্ঘদিন ধরে এ দাবি জানিয়ে আসছেন। বিশেষজ্ঞরা মনে করেন, সঠিক পরিকল্পনা ও সমন্বয়ের মাধ্যমে এ সমস্যার স্থায়ী সমাধান সম্ভব।
বাইক-গাড়িতে ভাঙ্গছে ছিনতাইকারী
সরকারের বিভিন্ন দপ্তরের কর্মকর্তারা জানান, বিষয়টি নিয়ে আগামী সপ্তাহে একটি বৈঠক অনুষ্ঠিত হবে। এতে সংশ্লিষ্ট মন্ত্রণালয়ের প্রতিনিধিরা উপস্থিত থাকবেন। স্থানীয় প্রশাসনের পক্ষ থেকে বলা হয়েছে, সাধারণ মানুষের ভোগান্তি কমাতে দ্রুত পদক্ষেপ নেওয়া হচ্ছে। এলাকাবাসী দীর্ঘদিন ধরে এ দাবি জানিয়ে আসছেন। বিশেষজ্ঞরা মনে করেন, সঠিক পরিকল্পনা ও সমন্বয়ের মাধ্যমে এ সমস্যার স্থায়ী সমাধান সম্ভব। সরকারের বিভিন্ন দপ্তরের কর্মকর্তারা জানান, বিষয়টি নিয়ে আগামী সপ্তাহে একটি বৈঠক অনুষ্ঠিত হবে। এতে সংশ্লিষ্ট মন্ত্রণালয়ের প্রতিনিধিরা উপস্থিত থাকবেন। স্থানীয় প্রশাসনের পক্ষ থেকে বলা হয়েছে, সাধারণ মানুষের ভোগান্তি কমাতে দ্রুত পদক্ষেপ নেওয়া হচ্ছে। এলাকাবাসী দীর্ঘদিন ধরে এ দাবি জানিয়ে আসছেন। বিশেষজ্ঞরা মনে করেন, সঠিক পরিকল্পনা ও সমন্বয়ের মাধ্যমে এ সমস্যার স্থায়ী সমাধান সম্ভব। সরকারের বিভিন্ন দপ্তরের কর্মকর্তারা জানান, বিষয়টি নিয়ে আগামী সপ্তাহে একটি বৈঠক অনুষ্ঠিত হবে। এতে সংশ্লিষ্ট মন্ত্রণালয়ের প্রতিনিধিরা উপস্থিত থাকবেন। স্থানীয় প্রশাসনের পক্ষ থেকে বলা হয়েছে, সাধারণ মানুষের ভোগান্তি কমাতে দ্রুত পদক্ষেপ নেওয়া হচ্ছে। এলাকাবাসী দীর্ঘদিন ধরে এ দাবি জানিয়ে আসছেন। বিশেষজ্ঞরা মনে করেন, সঠিক পরিকল্পনা ও সমন্বয়ের মাধ্যমে এ সমস্যার স্থায়ী সমাধান সম্ভব। সরকারের বিভিন্ন দপ্তরের কর্মকর্তারা জানান, বিষয়টি নিয়ে আগামী সপ্তাহে একটি বৈঠক অনুষ্ঠিত হবে। এতে সংশ্লিষ্ট মন্ত্রণালয়ের প্রতিনিধিরা উপস্থিত থাকবেন। স্থানীয় প্রশাসনের পক্ষ থেকে বলা হয়েছে, সাধারণ মানুষের ভোগান্তি কমাতে দ্রুত পদক্ষেপ নেওয়া হচ্ছে। এলাকাবাসী দীর্ঘদিন ধরে এ দাবি জানিয়ে আসছেন। বিশেষজ্ঞরা মনে করেন, সঠিক পরিকল্পনা ও সমন্বয়ের মাধ্যমে এ সমস্যার স্থায়ী সমাধান সম্ভব।
'মানবিক করিডোর' নিয়ে
সরকারের বিভিন্ন দপ্তরের কর্মকর্তারা জানান, বিষয়টি নিয়ে আগামী সপ্তাহে একটি বৈঠক অনুষ্ঠিত হবে। এতে সংশ্লিষ্ট মন্ত্রণালয়ের প্রতিনিধিরা উপস্থিত থাকবেন। স্থানীয় প্রশাসনের পক্ষ থেকে বলা হয়েছে, সাধারণ মানুষের ভোগান্তি কমাতে দ্রুত পদক্ষেপ নেওয়া হচ্ছে। এলাকাবাসী দীর্ঘদিন ধরে এ দাবি জানিয়ে আসছেন। বিশেষজ্ঞরা মনে করেন, সঠিক পরিকল্পনা ও সমন্বয়ের মাধ্যমে এ সমস্যার স্থায়ী সমাধান সম্ভব। সরকারের বিভিন্ন দপ্তরের কর্মকর্তারা জানান, বিষয়টি নিয়ে আগামী সপ্তাহে একটি বৈঠক অনুষ্ঠিত হবে। এতে সংশ্লিষ্ট মন্ত্রণালয়ের প্রতিনিধিরা উপস্থিত থাকবেন। স্থানীয় প্রশাসনের পক্ষ থেকে বলা হয়েছে, সাধারণ মানুষের ভোগান্তি কমাতে দ্রুত পদক্ষেপ নেওয়া হচ্ছে। এলাকাবাসী দীর্ঘদিন ধরে এ দাবি জানিয়ে আসছেন। বিশেষজ্ঞরা মনে করেন, সঠিক পরিকল্পনা ও সমন্বয়ের মাধ্যমে এ সমস্যার স্থায়ী সমাধান সম্ভব। সরকারের বিভিন্ন দপ্তরের কর্মকর্তারা জানান, বিষয়টি নিয়ে আগামী সপ্তাহে একটি বৈঠক অনুষ্ঠিত হবে। এতে সংশ্লিষ্ট মন্ত্রণালয়ের প্রতিনিধিরা উপস্থিত থাকবেন। স্থানীয় প্রশাসনের পক্ষ থেকে বলা হয়েছে, সাধারণ মানুষের ভোগান্তি কমাতে দ্রুত পদক্ষেপ নেওয়া হচ্ছে। এলাকাবাসী দীর্ঘদিন ধরে এ দাবি জানিয়ে আসছেন। বিশেষজ্ঞরা মনে করেন, সঠিক পরিকল্পনা ও সমন্বয়ের মাধ্যমে এ সমস্যার স্থায়ী সমাধান সম্ভব। সরকারের বিভিন্ন দপ্তরের কর্মকর্তারা জানান, বিষয়টি নিয়ে আগামী সপ্তাহে একটি বৈঠক অনুষ্ঠিত হবে। এতে সংশ্লিষ্ট মন্ত্রণালয়ের প্রতিনিধিরা উপস্থিত থাকবেন। স্থানীয় প্রশাসনের পক্ষ থেকে বলা হয়েছে, সাধারণ মানুষের ভোগান্তি কমাতে দ্রুত পদক্ষেপ নেওয়া হচ্ছে। এলাকাবাসী দীর্ঘদিন ধরে এ দাবি জানিয়ে আসছেন। বিশেষজ্ঞরা মনে করেন, সঠিক পরিকল্পনা ও সমন্বয়ের মাধ্যমে এ সমস্যার স্থায়ী সমাধান সম্ভব। সরকারের বিভিন্ন দপ্তরের কর্মকর্তারা জানান, বিষয়টি নিয়ে আগামী সপ্তাহে একটি বৈঠক অনুষ্ঠিত হবে। এতে সংশ্লিষ্ট মন্ত্রণালয়ের প্রতিনিধিরা উপস্থিত থাকবেন। স্থানীয় প্রশাসনের পক্ষ থেকে বলা হয়েছে, সাধারণ মানুষের ভোগান্তি কমাতে দ্রুত পদক্ষেপ নেওয়া হচ্ছে। এলাকাবাসী দীর্ঘদিন ধরে এ দাবি জানিয়ে আসছেন। বিশেষজ্ঞরা মনে করেন, সঠিক পরিকল্পনা ও সমন্বয়ের মাধ্যমে এ সমস্যার স্থায়ী সমাধান সম্ভব।
জনবান্ধব পুলিশ হিসেবে
সরকারের বিভিন্ন দপ্তরের কর্মকর্তারা জানান, বিষয়টি নিয়ে আগামী সপ্তাহে একটি বৈঠক অনুষ্ঠিত হবে। এতে সংশ্লিষ্ট মন্ত্রণালয়ের প্রতিনিধিরা উপস্থিত থাকবেন। স্থানীয় প্রশাসনের পক্ষ থেকে বলা হয়েছে, সাধারণ মানুষের ভোগান্তি কমাতে দ্রুত পদক্ষেপ নেওয়া হচ্ছে। এলাকাবাসী দীর্ঘদিন ধরে এ দাবি জানিয়ে আসছেন। বিশেষজ্ঞরা মনে করেন, সঠিক পরিকল্পনা ও সমন্বয়ের মাধ্যমে এ সমস্যার স্থায়ী সমাধান সম্ভব। সরকারের বিভিন্ন দপ্তরের কর্মকর্তারা জানান, বিষয়টি নিয়ে আগামী সপ্তাহে একটি বৈঠক অনুষ্ঠিত হবে। এতে সংশ্লিষ্ট মন্ত্রণালয়ের প্রতিনিধিরা উপস্থিত থাকবেন। স্থানীয় প্রশাসনের পক্ষ থেকে বলা হয়েছে, সাধারণ মানুষের ভোগান্তি কমাতে দ্রুত পদক্ষেপ নেওয়া হচ্ছে। এলাকাবাসী দীর্ঘদিন ধরে এ দাবি জানিয়ে আসছেন। বিশেষজ্ঞরা মনে করেন, সঠিক পরিকল্পনা ও সমন্বয়ের মাধ্যমে এ সমস্যার স্থায়ী সমাধান সম্ভব। সরকারের বিভিন্ন দপ্তরের কর্মকর্তারা জানান, বিষয়টি নিয়ে আগামী সপ্তাহে একটি বৈঠক অনুষ্ঠিত হবে। এতে সংশ্লিষ্ট মন্ত্রণালয়ের প্রতিনিধিরা উপস্থিত থাকবেন। স্থানীয় প্রশাসনের পক্ষ থেকে বলা হয়েছে, সাধারণ মানুষের ভোগান্তি কমাতে দ্রুত পদক্ষেপ নেওয়া হচ্ছে। এলাকাবাসী দীর্ঘদিন ধরে এ দাবি জানিয়ে আসছেন। বিশেষজ্ঞরা মনে করেন, সঠিক পরিকল্পনা ও সমন্বয়ের মাধ্যমে এ সমস্যার স্থায়ী সমাধান সম্ভব।
প্রশ্নপত্র কমাতে
সরকারের বিভিন্ন দপ্তরের কর্মকর্তারা জানান, বিষয়টি নিয়ে আগামী সপ্তাহে একটি বৈঠক অনুষ্ঠিত হবে। এতে সংশ্লিষ্ট মন্ত্রণালয়ের প্রতিনিধিরা উপস্থিত থাকবেন। স্থানীয় প্রশাসনের পক্ষ থেকে বলা হয়েছে, সাধারণ মানুষের ভোগান্তি কমাতে দ্রুত পদক্ষেপ নেওয়া হচ্ছে। এলাকাবাসী দীর্ঘদিন ধরে এ দাবি জানিয়ে আসছেন। বিশেষজ্ঞরা মনে করেন, সঠিক পরিকল্পনা ও সমন্বয়ের মাধ্যমে এ সমস্যার স্থায়ী সমাধান সম্ভব। সরকারের বিভিন্ন দপ্তরের কর্মকর্তারা জানান, বিষয়টি নিয়ে আগামী সপ্তাহে একটি বৈঠক অনুষ্ঠিত হবে। এতে সংশ্লিষ্ট মন্ত্রণালয়ের প্রতিনিধিরা উপস্থিত থাকবেন। স্থানীয় প্রশাসনের পক্ষ থেকে বলা হয়েছে, সাধারণ মানুষের ভোগান্তি কমাতে দ্রুত পদক্ষেপ নেওয়া হচ্ছে। এলাকাবাসী দীর্ঘদিন ধরে এ দাবি জানিয়ে আসছেন। বিশেষজ্ঞরা মনে করেন, সঠিক পরিকল্পনা ও সমন্বয়ের মাধ্যমে এ সমস্যার স্থায়ী সমাধান সম্ভব। সরকারের বিভিন্ন দপ্তরের কর্মকর্তারা জানান, বিষয়টি নিয়ে আগামী সপ্তাহে একটি বৈঠক অনুষ্ঠিত হবে। এতে সংশ্লিষ্ট মন্ত্রণালয়ের প্রতিনিধিরা উপস্থিত থাকবেন। স্থানীয় প্রশাসনের পক্ষ থেকে বলা হয়েছে, সাধারণ মানুষের ভোগান্তি কমাতে দ্রুত পদক্ষেপ নেওয়া হচ্ছে। এলাকাবাসী দীর্ঘদিন ধরে এ দাবি জানিয়ে আসছেন। বিশেষজ্ঞরা মনে করেন, সঠিক পরিকল্পনা ও সমন্বয়ের মাধ্যমে এ সমস্যার স্থায়ী সমাধান সম্ভব।
১০ লাখ চারা রোপণের
সরকারের বিভিন্ন দপ্তরের কর্মকর্তারা জানান, বিষয়টি নিয়ে আগামী সপ্তাহে একটি বৈঠক অনুষ্ঠিত হবে। এতে সংশ্লিষ্ট মন্ত্রণালয়ের প্রতিনিধিরা উপস্থিত থাকবেন। স্থানীয় প্রশাসনের পক্ষ থেকে বলা হয়েছে, সাধারণ মানুষের ভোগান্তি কমাতে দ্রুত পদক্ষেপ নেওয়া হচ্ছে। এলাকাবাসী দীর্ঘদিন ধরে এ দাবি জানিয়ে আসছেন। বিশেষজ্ঞরা মনে করেন, সঠিক পরিকল্পনা ও সমন্বয়ের মাধ্যমে এ সমস্যার স্থায়ী সমাধান সম্ভব। সরকারের বিভিন্ন দপ্তরের কর্মকর্তারা জানান, বিষয়টি নিয়ে আগামী সপ্তাহে একটি বৈঠক অনুষ্ঠিত হবে। এতে সংশ্লিষ্ট মন্ত্রণালয়ের প্রতিনিধিরা উপস্থিত থাকবেন। স্থানীয় প্রশাসনের পক্ষ থেকে বলা হয়েছে, সাধারণ মানুষের ভোগান্তি কমাতে দ্রুত পদক্ষেপ নেওয়া হচ্ছে। এলাকাবাসী দীর্ঘদিন ধরে এ দাবি জানিয়ে আসছেন। বিশেষজ্ঞরা মনে করেন, সঠিক পরিকল্পনা ও সমন্বয়ের মাধ্যমে এ সমস্যার স্থায়ী সমাধান সম্ভব।
এই প্রথম সবাই মিলে
সরকারের বিভিন্ন দপ্তরের কর্মকর্তারা জানান, বিষয়টি নিয়ে আগামী সপ্তাহে একটি বৈঠক অনুষ্ঠিত হবে। এতে সংশ্লিষ্ট মন্ত্রণালয়ের প্রতিনিধিরা উপস্থিত থাকবেন। স্থানীয় প্রশাসনের পক্ষ থেকে বলা হয়েছে, সাধারণ মানুষের ভোগান্তি কমাতে দ্রুত পদক্ষেপ নেওয়া হচ্ছে। এলাকাবাসী দীর্ঘদিন ধরে এ দাবি জানিয়ে আসছেন। বিশেষজ্ঞরা মনে করেন, সঠিক পরিকল্পনা ও সমন্বয়ের মাধ্যমে এ সমস্যার স্থায়ী সমাধান সম্ভব।
মামলা ১০ জনের
সরকারের বিভিন্ন দপ্তরের কর্মকর্তারা জানান, বিষয়টি নিয়ে আগামী সপ্তাহে একটি বৈঠক অনুষ্ঠিত হবে। এতে সংশ্লিষ্ট মন্ত্রণালয়ের প্রতিনিধিরা উপস্থিত থাকবেন। স্থানীয় প্রশাসনের পক্ষ থেকে বলা হয়েছে, সাধারণ মানুষের ভোগান্তি কমাতে দ্রুত পদক্ষেপ নেওয়া হচ্ছে। এলাকাবাসী দীর্ঘদিন ধরে এ দাবি জানিয়ে আসছেন। বিশেষজ্ঞরা মনে করেন, সঠিক পরিকল্পনা ও সমন্বয়ের মাধ্যমে এ সমস্যার স্থায়ী সমাধান সম্ভব।
ডাল-তেল-ডিম
সরকারের বিভিন্ন দপ্তরের কর্মকর্তারা জানান, বিষয়টি নিয়ে আগামী সপ্তাহে একটি বৈঠক অনুষ্ঠিত হবে। এতে সংশ্লিষ্ট মন্ত্রণালয়ের প্রতিনিধিরা উপস্থিত থাকবেন। স্থানীয় প্রশাসনের পক্ষ থেকে বলা হয়েছে, সাধারণ মানুষের ভোগান্তি কমাতে দ্রুত পদক্ষেপ নেওয়া হচ্ছে। এলাকাবাসী দীর্ঘদিন ধরে এ দাবি জানিয়ে আসছেন। বিশেষজ্ঞরা মনে করেন, সঠিক পরিকল্পনা ও সমন্বয়ের মাধ্যমে এ সমস্যার স্থায়ী সমাধান সম্ভব। সরকারের বিভিন্ন দপ্তরের কর্মকর্তারা জানান, বিষয়টি নিয়ে আগামী সপ্তাহে একটি বৈঠক অনুষ্ঠিত হবে। এতে সংশ্লিষ্ট মন্ত্রণালয়ের প্রতিনিধিরা উপস্থিত থাকবেন। স্থানীয় প্রশাসনের পক্ষ থেকে বলা হয়েছে, সাধারণ মানুষের ভোগান্তি কমাতে দ্রুত পদক্ষেপ নেওয়া হচ্ছে। এলাকাবাসী দীর্ঘদিন ধরে এ দাবি জানিয়ে আসছেন। বিশেষজ্ঞরা মনে করেন, সঠিক পরিকল্পনা ও সমন্বয়ের মাধ্যমে এ সমস্যার স্থায়ী সমাধান সম্ভব। সরকারের বিভিন্ন দপ্তরের কর্মকর্তারা জানান, বিষয়টি নিয়ে আগামী সপ্তাহে একটি বৈঠক অনুষ্ঠিত হবে। এতে সংশ্লিষ্ট মন্ত্রণালয়ের প্রতিনিধিরা উপস্থিত থাকবেন। স্থানীয় প্রশাসনের পক্ষ থেকে বলা হয়েছে, সাধারণ মানুষের ভোগান্তি কমাতে দ্রুত পদক্ষেপ নেওয়া হচ্ছে। এলাকাবাসী দীর্ঘদিন ধরে এ দাবি জানিয়ে আসছেন। বিশেষজ্ঞরা মনে করেন, সঠিক পরিকল্পনা ও সমন্বয়ের মাধ্যমে এ সমস্যার স্থায়ী সমাধান সম্ভব। সরকারের বিভিন্ন দপ্তরের কর্মকর্তারা জানান, বিষয়টি নিয়ে আগামী সপ্তাহে একটি বৈঠক অনুষ্ঠিত হবে। এতে সংশ্লিষ্ট মন্ত্রণালয়ের প্রতিনিধিরা উপস্থিত থাকবেন। স্থানীয় প্রশাসনের পক্ষ থেকে বলা হয়েছে, সাধারণ মানুষের ভোগান্তি কমাতে দ্রুত পদক্ষেপ নেওয়া হচ্ছে। এলাকাবাসী দীর্ঘদিন ধরে এ দাবি জানিয়ে আসছেন। বিশেষজ্ঞরা মনে করেন, সঠিক পরিকল্পনা ও সমন্বয়ের মাধ্যমে এ সমস্যার স্থায়ী সমাধান সম্ভব।
সরকারের বিভিন্ন দপ্তরের কর্মকর্তারা জানান, বিষয়টি নিয়ে আগামী সপ্তাহে একটি বৈঠক অনুষ্ঠিত হবে। এতে সংশ্লিষ্ট মন্ত্রণালয়ের প্রতিনিধিরা উপস্থিত থাকবেন। স্থানীয় প্রশাসনের পক্ষ থেকে বলা হয়েছে, সাধারণ মানুষের ভোগান্তি কমাতে দ্রুত পদক্ষেপ নেওয়া হচ্ছে। এলাকাবাসী দীর্ঘদিন ধরে এ দাবি জানিয়ে আসছেন। বিশেষজ্ঞরা মনে করেন, সঠিক পরিকল্পনা ও সমন্বয়ের মাধ্যমে এ সমস্যার স্থায়ী সমাধান সম্ভব।
অধ্যাদেশ মেনে চুক্তি স্বাক্ষর
সরকারের বিভিন্ন দপ্তরের কর্মকর্তারা জানান, বিষয়টি নিয়ে আগামী সপ্তাহে একটি বৈঠক অনুষ্ঠিত হবে। এতে সংশ্লিষ্ট মন্ত্রণালয়ের প্রতিনিধিরা উপস্থিত থাকবেন। স্থানীয় প্রশাসনের পক্ষ থেকে বলা হয়েছে, সাধারণ মানুষের ভোগান্তি কমাতে দ্রুত পদক্ষেপ নেওয়া হচ্ছে। এলাকাবাসী দীর্ঘদিন ধরে এ দাবি জানিয়ে আসছেন। বিশেষজ্ঞরা মনে করেন, সঠিক পরিকল্পনা ও সমন্বয়ের মাধ্যমে এ সমস্যার স্থায়ী সমাধান সম্ভব। সরকারের বিভিন্ন দপ্তরের কর্মকর্তারা জানান, বিষয়টি নিয়ে আগামী সপ্তাহে একটি বৈঠক অনুষ্ঠিত হবে। এতে সংশ্লিষ্ট মন্ত্রণালয়ের প্রতিনিধিরা উপস্থিত থাকবেন। স্থানীয় প্রশাসনের পক্ষ থেকে বলা হয়েছে, সাধারণ মানুষের ভোগান্তি কমাতে দ্রুত পদক্ষেপ নেওয়া হচ্ছে। এলাকাবাসী দীর্ঘদিন ধরে এ দাবি জানিয়ে আসছেন। বিশেষজ্ঞরা মনে করেন, সঠিক পরিকল্পনা ও সমন্বয়ের মাধ্যমে এ সমস্যার স্থায়ী সমাধান সম্ভব।
দ্বিতীয় স্ত্রী প্রাপ্তিযোগ
সরকারের বিভিন্ন দপ্তরের কর্মকর্তারা জানান, বিষয়টি নিয়ে আগামী সপ্তাহে একটি বৈঠক অনুষ্ঠিত হবে। এতে সংশ্লিষ্ট মন্ত্রণালয়ের প্রতিনিধিরা উপস্থিত থাকবেন। স্থানীয় প্রশাসনের পক্ষ থেকে বলা হয়েছে, সাধারণ মানুষের ভোগান্তি কমাতে দ্রুত পদক্ষেপ নেওয়া হচ্ছে। এলাকাবাসী দীর্ঘদিন ধরে এ দাবি জানিয়ে আসছেন। বিশেষজ্ঞরা মনে করেন, সঠিক পরিকল্পনা ও সমন্বয়ের মাধ্যমে এ সমস্যার স্থায়ী সমাধান সম্ভব। সরকারের বিভিন্ন দপ্তরের কর্মকর্তারা জানান, বিষয়টি নিয়ে আগামী সপ্তাহে একটি বৈঠক অনুষ্ঠিত হবে। এতে সংশ্লিষ্ট মন্ত্রণালয়ের প্রতিনিধিরা উপস্থিত থাকবেন। স্থানীয় প্রশাসনের পক্ষ থেকে বলা হয়েছে, সাধারণ মানুষের ভোগান্তি কমাতে দ্রুত পদক্ষেপ নেওয়া হচ্ছে। এলাকাবাসী দীর্ঘদিন ধরে এ দাবি জানিয়ে আসছেন। বিশেষজ্ঞরা মনে করেন, সঠিক পরিকল্পনা ও সমন্বয়ের মাধ্যমে এ সমস্যার স্থায়ী সমাধান সম্ভব।
প্রতিশোধের রাজনীতি
সরকারের বিভিন্ন দপ্তরের কর্মকর্তারা জানান, বিষয়টি নিয়ে আগামী সপ্তাহে একটি বৈঠক অনুষ্ঠিত হবে। এতে সংশ্লিষ্ট মন্ত্রণালয়ের প্রতিনিধিরা উপস্থিত থাকবেন। স্থানীয় প্রশাসনের পক্ষ থেকে বলা হয়েছে, সাধারণ মানুষের ভোগান্তি কমাতে দ্রুত পদক্ষেপ নেওয়া হচ্ছে। এলাকাবাসী দীর্ঘদিন ধরে এ দাবি জানিয়ে আসছেন। বিশেষজ্ঞরা মনে করেন, সঠিক পরিকল্পনা ও সমন্বয়ের মাধ্যমে এ সমস্যার স্থায়ী সমাধান সম্ভব। সরকারের বিভিন্ন দপ্তরের কর্মকর্তারা জানান, বিষয়টি নিয়ে আগামী সপ্তাহে একটি বৈঠক অনুষ্ঠিত হবে। এতে সংশ্লিষ্ট মন্ত্রণালয়ের প্রতিনিধিরা উপস্থিত থাকবেন। স্থানীয় প্রশাসনের পক্ষ থেকে বলা হয়েছে, সাধারণ মানুষের ভোগান্তি কমাতে দ্রুত পদক্ষেপ নেওয়া হচ্ছে। এলাকাবাসী দীর্ঘদিন ধরে এ দাবি জানিয়ে আসছেন। বিশেষজ্ঞরা মনে করেন, সঠিক পরিকল্পনা ও সমন্বয়ের মাধ্যমে এ সমস্যার স্থায়ী সমাধান সম্ভব। সরকারের বিভিন্ন দপ্তরের কর্মকর্তারা জানান, বিষয়টি নিয়ে আগামী সপ্তাহে একটি বৈঠক অনুষ্ঠিত হবে। এতে সংশ্লিষ্ট মন্ত্রণালয়ের প্রতিনিধিরা উপস্থিত থাকবেন। স্থানীয় প্রশাসনের পক্ষ থেকে বলা হয়েছে, সাধারণ মানুষের ভোগান্তি কমাতে দ্রুত পদক্ষেপ নেওয়া হচ্ছে। এলাকাবাসী দীর্ঘদিন ধরে এ দাবি জানিয়ে আসছেন। বিশেষজ্ঞরা মনে করেন, সঠিক পরিকল্পনা ও সমন্বয়ের মাধ্যমে এ সমস্যার স্থায়ী সমাধান সম্ভব। সরকারের বিভিন্ন দপ্তরের কর্মকর্তারা জানান, বিষয়টি নিয়ে আগামী সপ্তাহে একটি বৈঠক অনুষ্ঠিত হবে। এতে সংশ্লিষ্ট মন্ত্রণালয়ের প্রতিনিধিরা উপস্থিত থাকবেন। স্থানীয় প্রশাসনের পক্ষ থেকে বলা হয়েছে, সাধারণ মানুষের ভোগান্তি কমাতে দ্রুত পদক্ষেপ নেওয়া হচ্ছে। এলাকাবাসী দীর্ঘদিন ধরে এ দাবি জানিয়ে আসছেন। বিশেষজ্ঞরা মনে করেন, সঠিক পরিকল্পনা ও সমন্বয়ের মাধ্যমে এ সমস্যার স্থায়ী সমাধান সম্ভব। সরকারের বিভিন্ন দপ্তরের কর্মকর্তারা জানান, বিষয়টি নিয়ে আগামী সপ্তাহে একটি বৈঠক অনুষ্ঠিত হবে। এতে সংশ্লিষ্ট মন্ত্রণালয়ের প্রতিনিধিরা উপস্থিত থাকবেন। স্থানীয় প্রশাসনের পক্ষ থেকে বলা হয়েছে, সাধারণ মানুষের ভোগান্তি কমাতে দ্রুত পদক্ষেপ নেওয়া হচ্ছে। এলাকাবাসী দীর্ঘদিন ধরে এ দাবি জানিয়ে আসছেন। বিশেষজ্ঞরা মনে করেন, সঠিক পরিকল্পনা ও সমন্বয়ের মাধ্যমে এ সমস্যার স্থায়ী সমাধান সম্ভব।
আদালতের স্বতঃপ্রণোদিত মামলা
সরকারের বিভিন্ন দপ্তরের কর্মকর্তারা জানান, বিষয়টি নিয়ে আগামী সপ্তাহে একটি বৈঠক অনুষ্ঠিত হবে। এতে সংশ্লিষ্ট মন্ত্রণালয়ের প্রতিনিধিরা উপস্থিত থাকবেন। স্থানীয় প্রশাসনের পক্ষ থেকে বলা হয়েছে, সাধারণ মানুষের ভোগান্তি কমাতে দ্রুত পদক্ষেপ নেওয়া হচ্ছে। এলাকাবাসী দীর্ঘদিন ধরে এ দাবি জানিয়ে আসছেন। বিশেষজ্ঞরা মনে করেন, সঠিক পরিকল্পনা ও সমন্বয়ের মাধ্যমে এ সমস্যার স্থায়ী সমাধান সম্ভব। সরকারের বিভিন্ন দপ্তরের কর্মকর্তারা জানান, বিষয়টি নিয়ে আগামী সপ্তাহে একটি বৈঠক অনুষ্ঠিত হবে। এতে সংশ্লিষ্ট মন্ত্রণালয়ের প্রতিনিধিরা উপস্থিত থাকবেন। স্থানীয় প্রশাসনের পক্ষ থেকে বলা হয়েছে, সাধারণ মানুষের ভোগান্তি কমাতে দ্রুত পদক্ষেপ নেওয়া হচ্ছে। এলাকাবাসী দীর্ঘদিন ধরে এ দাবি জানিয়ে আসছেন। বিশেষজ্ঞরা মনে করেন, সঠিক পরিকল্পনা ও সমন্বয়ের মাধ্যমে এ সমস্যার স্থায়ী সমাধান সম্ভব।
প্লাস্টিক ও পলিথিন
সরকারের বিভিন্ন দপ্তরের কর্মকর্তারা জানান, বিষয়টি নিয়ে আগামী সপ্তাহে একটি বৈঠক অনুষ্ঠিত হবে। এতে সংশ্লিষ্ট মন্ত্রণালয়ের প্রতিনিধিরা উপস্থিত থাকবেন। স্থানীয় প্রশাসনের পক্ষ থেকে বলা হয়েছে, সাধারণ মানুষের ভোগান্তি কমাতে দ্রুত পদক্ষেপ নেওয়া হচ্ছে। এলাকাবাসী দীর্ঘদিন ধরে এ দাবি জানিয়ে আসছেন। বিশেষজ্ঞরা মনে করেন, সঠিক পরিকল্পনা ও সমন্বয়ের মাধ্যমে এ সমস্যার স্থায়ী সমাধান সম্ভব। সরকারের বিভিন্ন দপ্তরের কর্মকর্তারা জানান, বিষয়টি নিয়ে আগামী সপ্তাহে একটি বৈঠক অনুষ্ঠিত হবে। এতে সংশ্লিষ্ট মন্ত্রণালয়ের প্রতিনিধিরা উপস্থিত থাকবেন। স্থানীয় প্রশাসনের পক্ষ থেকে বলা হয়েছে, সাধারণ মানুষের ভোগান্তি কমাতে দ্রুত পদক্ষেপ নেওয়া হচ্ছে। এলাকাবাসী দীর্ঘদিন ধরে এ দাবি জানিয়ে আসছেন। বিশেষজ্ঞরা মনে করেন, সঠিক পরিকল্পনা ও সমন্বয়ের মাধ্যমে এ সমস্যার স্থায়ী সমাধান সম্ভব। সরকারের বিভিন্ন দপ্তরের কর্মকর্তারা জানান, বিষয়টি নিয়ে আগামী সপ্তাহে একটি বৈঠক অনুষ্ঠিত হবে। এতে সংশ্লিষ্ট মন্ত্রণালয়ের প্রতিনিধিরা উপস্থিত থাকবেন। স্থানীয় প্রশাসনের পক্ষ থেকে বলা হয়েছে, সাধারণ মানুষের ভোগান্তি কমাতে দ্রুত পদক্ষেপ নেওয়া হচ্ছে। এলাকাবাসী দীর্ঘদিন ধরে এ দাবি জানিয়ে আসছেন। বিশেষজ্ঞরা মনে করেন, সঠিক পরিকল্পনা ও সমন্বয়ের মাধ্যমে এ সমস্যার স্থায়ী সমাধান সম্ভব।
সাভারে তৃতীয় শ্রেণির
সরকারের বিভিন্ন দপ্তরের কর্মকর্তারা জানান, বিষয়টি নিয়ে আগামী সপ্তাহে একটি বৈঠক অনুষ্ঠিত হবে। এতে সংশ্লিষ্ট মন্ত্রণালয়ের প্রতিনিধিরা উপস্থিত থাকবেন। স্থানীয় প্রশাসনের পক্ষ থেকে বলা হয়েছে, সাধারণ মানুষের ভোগান্তি কমাতে দ্রুত পদক্ষেপ নেওয়া হচ্ছে। এলাকাবাসী দীর্ঘদিন ধরে এ দাবি জানিয়ে আসছেন। বিশেষজ্ঞরা মনে করেন, সঠিক পরিকল্পনা ও সমন্বয়ের মাধ্যমে এ সমস্যার স্থায়ী সমাধান সম্ভব। সরকারের বিভিন্ন দপ্তরের কর্মকর্তারা জানান, বিষয়টি নিয়ে আগামী সপ্তাহে একটি বৈঠক অনুষ্ঠিত হবে। এতে সংশ্লিষ্ট মন্ত্রণালয়ের প্রতিনিধিরা উপস্থিত থাকবেন। স্থানীয় প্রশাসনের পক্ষ থেকে বলা হয়েছে, সাধারণ মানুষের ভোগান্তি কমাতে দ্রুত পদক্ষেপ নেওয়া হচ্ছে। এলাকাবাসী দীর্ঘদিন ধরে এ দাবি জানিয়ে আসছেন। বিশেষজ্ঞরা মনে করেন, সঠিক পরিকল্পনা ও সমন্বয়ের মাধ্যমে এ সমস্যার স্থায়ী সমাধান সম্ভব।
হজযাত্রীদের সমাধান
সরকারের বিভিন্ন দপ্তরের কর্মকর্তারা জানান, বিষয়টি নিয়ে আগামী সপ্তাহে একটি বৈঠক অনুষ্ঠিত হবে। এতে সংশ্লিষ্ট মন্ত্রণালয়ের প্রতিনিধিরা উপস্থিত থাকবেন। স্থানীয় প্রশাসনের পক্ষ থেকে বলা হয়েছে, সাধারণ মানুষের ভোগান্তি কমাতে দ্রুত পদক্ষেপ নেওয়া হচ্ছে। এলাকাবাসী দীর্ঘদিন ধরে এ দাবি জানিয়ে আসছেন। বিশেষজ্ঞরা মনে করেন, সঠিক পরিকল্পনা ও সমন্বয়ের মাধ্যমে এ সমস্যার স্থায়ী সমাধান সম্ভব। সরকারের বিভিন্ন দপ্তরের কর্মকর্তারা জানান, বিষয়টি নিয়ে আগামী সপ্তাহে একটি বৈঠক অনুষ্ঠিত হবে। এতে সংশ্লিষ্ট মন্ত্রণালয়ের প্রতিনিধিরা উপস্থিত থাকবেন। স্থানীয় প্রশাসনের পক্ষ থেকে বলা হয়েছে, সাধারণ মানুষের ভোগান্তি কমাতে দ্রুত পদক্ষেপ নেওয়া হচ্ছে। এলাকাবাসী দীর্ঘদিন ধরে এ দাবি জানিয়ে আসছেন। বিশেষজ্ঞরা মনে করেন, সঠিক পরিকল্পনা ও সমন্বয়ের মাধ্যমে এ সমস্যার স্থায়ী সমাধান সম্ভব। সরকারের বিভিন্ন দপ্তরের কর্মকর্তারা জানান, বিষয়টি নিয়ে আগামী সপ্তাহে একটি বৈঠক অনুষ্ঠিত হবে। এতে সংশ্লিষ্ট মন্ত্রণালয়ের প্রতিনিধিরা উপস্থিত থাকবেন। স্থানীয় প্রশাসনের পক্ষ থেকে বলা হয়েছে, সাধারণ মানুষের ভোগান্তি কমাতে দ্রুত পদক্ষেপ নেওয়া হচ্ছে। এলাকাবাসী দীর্ঘদিন ধরে এ দাবি জানিয়ে আসছেন। বিশেষজ্ঞরা মনে করেন, সঠিক পরিকল্পনা ও সমন্বয়ের মাধ্যমে এ সমস্যার স্থায়ী সমাধান সম্ভব।
রিমান্ড শেষে কারাগারে
সরকারের বিভিন্ন দপ্তরের কর্মকর্তারা জানান, বিষয়টি নিয়ে আগামী সপ্তাহে একটি বৈঠক অনুষ্ঠিত হবে। এতে সংশ্লিষ্ট মন্ত্রণালয়ের প্রতিনিধিরা উপস্থিত থাকবেন। স্থানীয় প্রশাসনের পক্ষ থেকে বলা হয়েছে, সাধারণ মানুষের ভোগান্তি কমাতে দ্রুত পদক্ষেপ নেওয়া হচ্ছে। এলাকাবাসী দীর্ঘদিন ধরে এ দাবি জানিয়ে আসছেন। বিশেষজ্ঞরা মনে করেন, সঠিক পরিকল্পনা ও সমন্বয়ের মাধ্যমে এ সমস্যার স্থায়ী সমাধান সম্ভব। সরকারের বিভিন্ন দপ্তরের কর্মকর্তারা জানান, বিষয়টি নিয়ে আগামী সপ্তাহে একটি বৈঠক অনুষ্ঠিত হবে। এতে সংশ্লিষ্ট মন্ত্রণালয়ের প্রতিনিধিরা উপস্থিত থাকবেন। স্থানীয় প্রশাসনের পক্ষ থেকে বলা হয়েছে, সাধারণ মানুষের ভোগান্তি কমাতে দ্রুত পদক্ষেপ নেওয়া হচ্ছে। এলাকাবাসী দীর্ঘদিন ধরে এ দাবি জানিয়ে আসছেন। বিশেষজ্ঞরা মনে করেন, সঠিক পরিকল্পনা ও সমন্বয়ের মাধ্যমে এ সমস্যার স্থায়ী সমাধান সম্ভব। সরকারের বিভিন্ন দপ্তরের কর্মকর্তারা জানান, বিষয়টি নিয়ে আগামী সপ্তাহে একটি বৈঠক অনুষ্ঠিত হবে। এতে সংশ্লিষ্ট মন্ত্রণালয়ের প্রতিনিধিরা উপস্থিত থাকবেন। স্থানীয় প্রশাসনের পক্ষ থেকে বলা হয়েছে, সাধারণ মানুষের ভোগান্তি কমাতে দ্রুত পদক্ষেপ নেওয়া হচ্ছে। এলাকাবাসী দীর্ঘদিন ধরে এ দাবি জানিয়ে আসছেন। বিশেষজ্ঞরা মনে করেন, সঠিক পরিকল্পনা ও সমন্বয়ের মাধ্যমে এ সমস্যার স্থায়ী সমাধান সম্ভব।
অভিযুক্ত শিক্ষার্থীরা
সরকারের বিভিন্ন দপ্তরের কর্মকর্তারা জানান, বিষয়টি নিয়ে আগামী সপ্তাহে একটি বৈঠক অনুষ্ঠিত হবে। এতে সংশ্লিষ্ট মন্ত্রণালয়ের প্রতিনিধিরা উপস্থিত থাকবেন। স্থানীয় প্রশাসনের পক্ষ থেকে বলা হয়েছে, সাধারণ মানুষের ভোগান্তি কমাতে দ্রুত পদক্ষেপ নেওয়া হচ্ছে। এলাকাবাসী দীর্ঘদিন ধরে এ দাবি জানিয়ে আসছেন। বিশেষজ্ঞরা মনে করেন, সঠিক পরিকল্পনা ও সমন্বয়ের মাধ্যমে এ সমস্যার স্থায়ী সমাধান সম্ভব। সরকারের বিভিন্ন দপ্তরের কর্মকর্তারা জানান, বিষয়টি নিয়ে আগামী সপ্তাহে একটি বৈঠক অনুষ্ঠিত হবে। এতে সংশ্লিষ্ট মন্ত্রণালয়ের প্রতিনিধিরা উপস্থিত থাকবেন। স্থানীয় প্রশাসনের পক্ষ থেকে বলা হয়েছে, সাধারণ মানুষের ভোগান্তি কমাতে দ্রুত পদক্ষেপ নেওয়া হচ্ছে। এলাকাবাসী দীর্ঘদিন ধরে এ দাবি জানিয়ে আসছেন। বিশেষজ্ঞরা মনে করেন, সঠিক পরিকল্পনা ও সমন্বয়ের মাধ্যমে এ সমস্যার স্থায়ী সমাধান সম্ভব। সরকারের বিভিন্ন দপ্তরের কর্মকর্তারা জানান, বিষয়টি নিয়ে আগামী সপ্তাহে একটি বৈঠক অনুষ্ঠিত হবে। এতে সংশ্লিষ্ট মন্ত্রণালয়ের প্রতিনিধিরা উপস্থিত থাকবেন। স্থানীয় প্রশাসনের পক্ষ থেকে বলা হয়েছে, সাধারণ মানুষের ভোগান্তি কমাতে দ্রুত পদক্ষেপ নেওয়া হচ্ছে। এলাকাবাসী দীর্ঘদিন ধরে এ দাবি জানিয়ে আসছেন। বিশেষজ্ঞরা মনে করেন, সঠিক পরিকল্পনা ও সমন্বয়ের মাধ্যমে এ সমস্যার স্থায়ী সমাধান সম্ভব।
